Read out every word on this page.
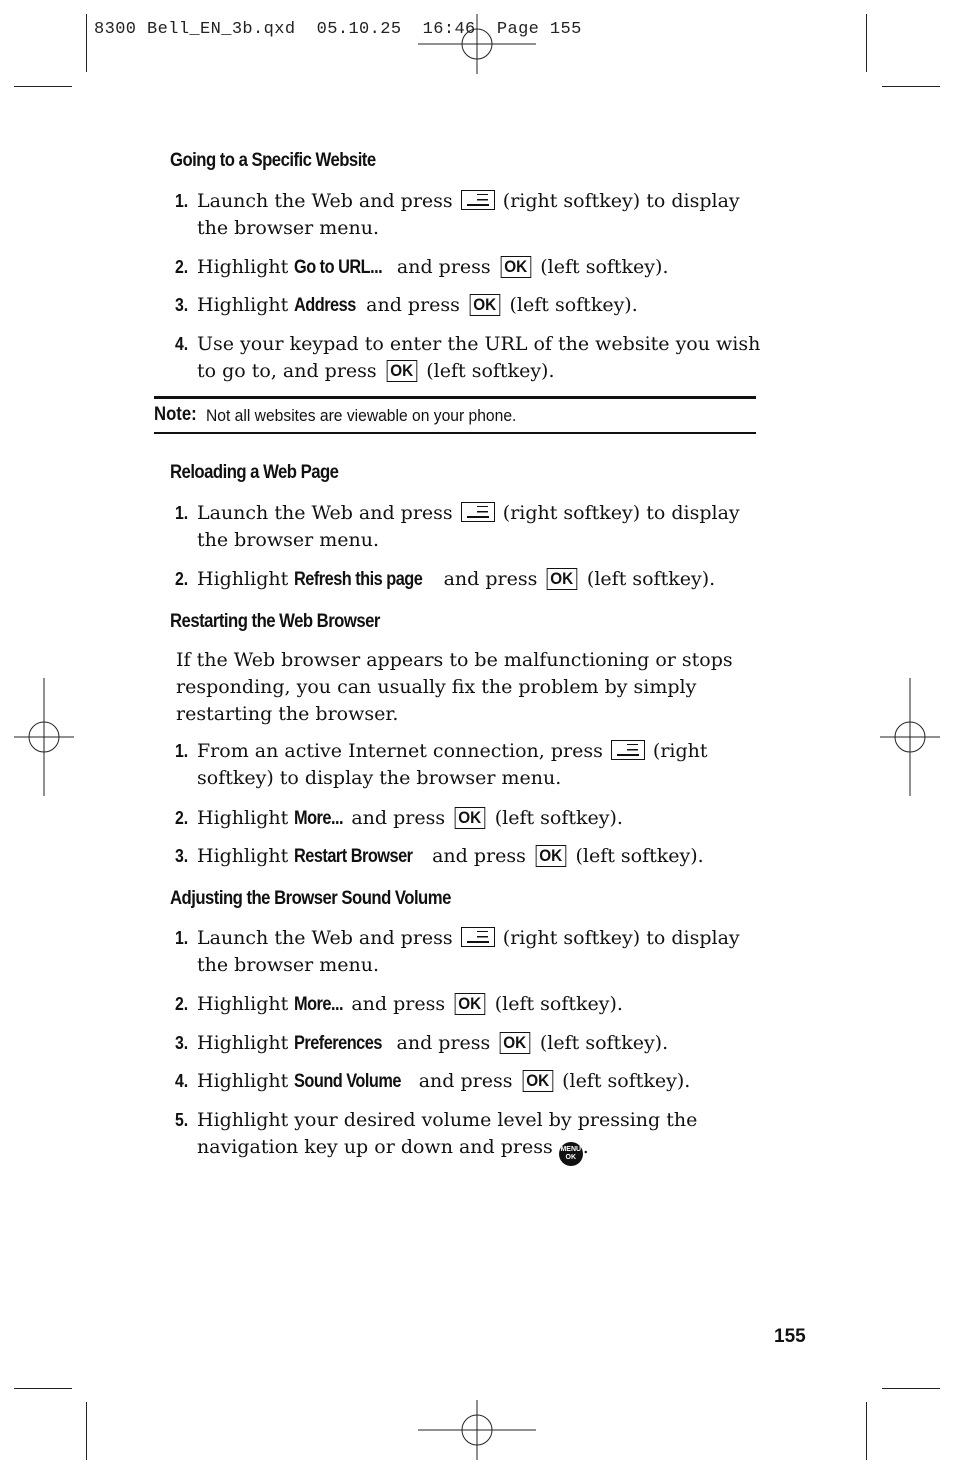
8300 Bell_EN_3b.qxd  05.10.25  16:46  Page 155
Going to a Specific Website
1. Launch the Web and press	(right softkey) to display the browser menu.
2. Highlight Go to URL... and press OK (left softkey).
3. Highlight Address and press OK (left softkey).
4. Use your keypad to enter the URL of the website you wish to go to, and press OK (left softkey).
Note: Not all websites are viewable on your phone.
Reloading a Web Page
1. Launch the Web and press	(right softkey) to display the browser menu.
2. Highlight Refresh this page and press OK (left softkey).
Restarting the Web Browser
If the Web browser appears to be malfunctioning or stops responding, you can usually fix the problem by simply restarting the browser.
1. From an active Internet connection, press	(right softkey) to display the browser menu.
2. Highlight More... and press OK (left softkey).
3. Highlight Restart Browser and press OK (left softkey).
Adjusting the Browser Sound Volume
1. Launch the Web and press	(right softkey) to display the browser menu.
2. Highlight More... and press OK (left softkey).
3. Highlight Preferences and press OK (left softkey).
4. Highlight Sound Volume and press OK (left softkey).
5. Highlight your desired volume level by pressing the navigation key up or down and press MENU
OK .
155
